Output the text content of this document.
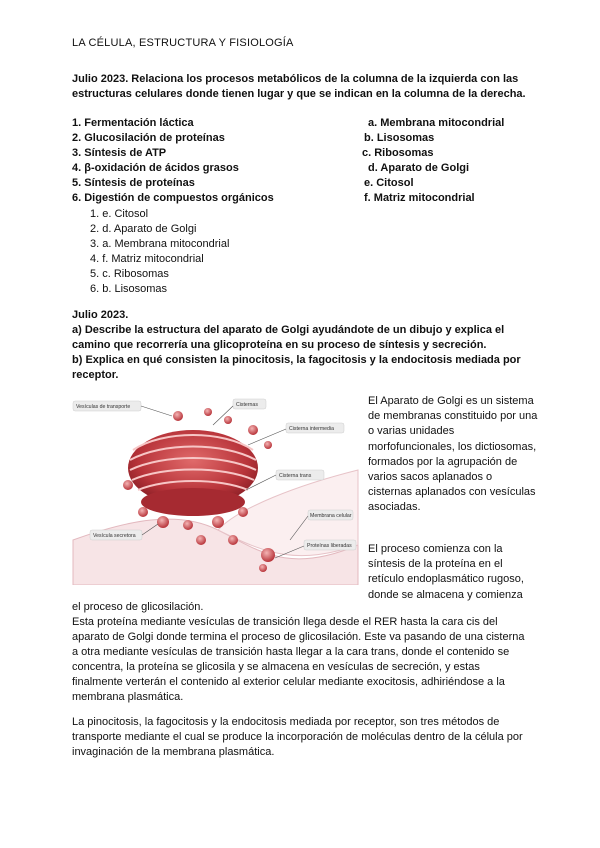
LA CÉLULA, ESTRUCTURA Y FISIOLOGÍA
Julio 2023. Relaciona los procesos metabólicos de la columna de la izquierda con las estructuras celulares donde tienen lugar y que se indican en la columna de la derecha.
1. Fermentación láctica
2. Glucosilación de proteínas
3. Síntesis de ATP
4. β-oxidación de ácidos grasos
5. Síntesis de proteínas
6. Digestión de compuestos orgánicos
a. Membrana mitocondrial
b. Lisosomas
c. Ribosomas
d. Aparato de Golgi
e. Citosol
f. Matriz mitocondrial
1. e. Citosol
2. d. Aparato de Golgi
3. a. Membrana mitocondrial
4. f. Matriz mitocondrial
5. c. Ribosomas
6. b. Lisosomas
Julio 2023.
a) Describe la estructura del aparato de Golgi ayudándote de un dibujo y explica el camino que recorrería una glicoproteína en su proceso de síntesis y secreción.
b) Explica en qué consisten la pinocitosis, la fagocitosis y la endocitosis mediada por receptor.
Vesículas de transporte	Cisternas
Cisterna intermedia
Cisterna trans
Membrana celular
Vesícula secretora
Proteínas liberadas
El Aparato de Golgi es un sistema de membranas constituido por una o varias unidades morfofuncionales, los dictiosomas, formados por la agrupación de varios sacos aplanados o cisternas aplanados con vesículas asociadas.
El proceso comienza con la síntesis de la proteína en el retículo endoplasmático rugoso, donde se almacena y comienza
el proceso de glicosilación.
Esta proteína mediante vesículas de transición llega desde el RER hasta la cara cis del aparato de Golgi donde termina el proceso de glicosilación. Este va pasando de una cisterna a otra mediante vesículas de transición hasta llegar a la cara trans, donde el contenido se concentra, la proteína se glicosila y se almacena en vesículas de secreción, y estas finalmente verterán el contenido al exterior celular mediante exocitosis, adhiriéndose a la membrana plasmática.
La pinocitosis, la fagocitosis y la endocitosis mediada por receptor, son tres métodos de transporte mediante el cual se produce la incorporación de moléculas dentro de la célula por invaginación de la membrana plasmática.
